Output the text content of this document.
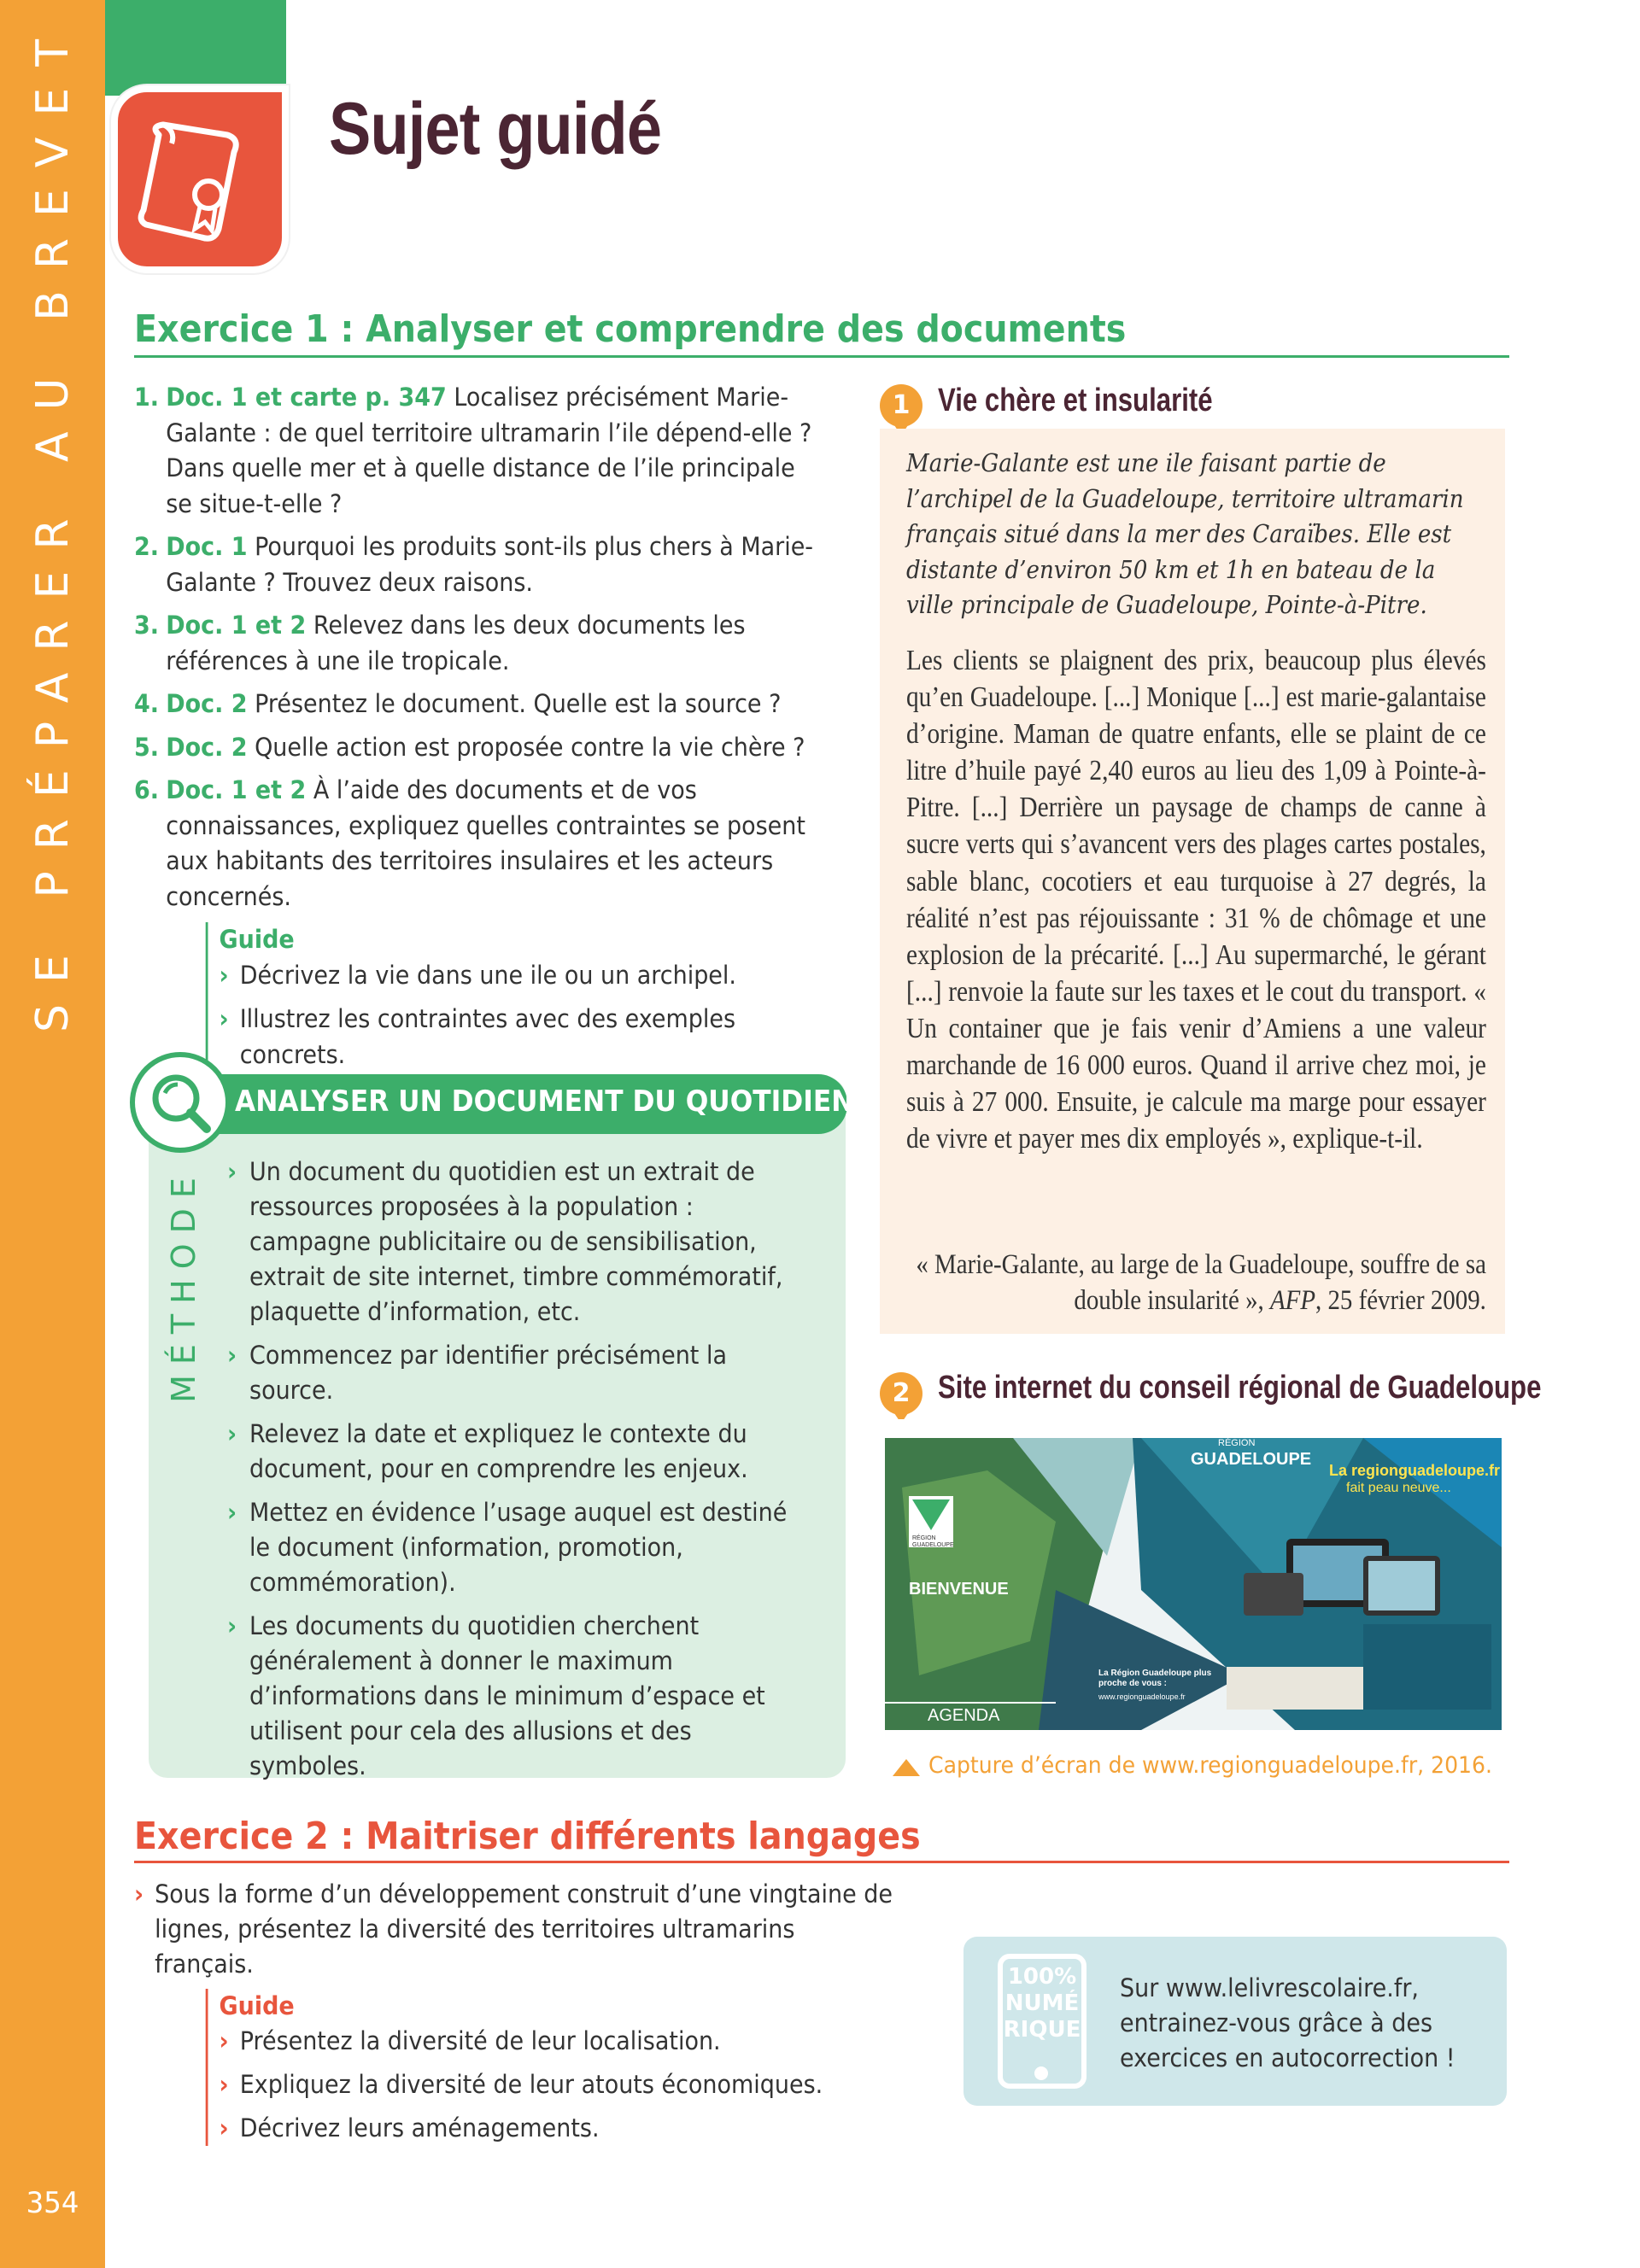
SE PRÉPARER AU BREVET
354
Sujet guidé
Exercice 1 : Analyser et comprendre des documents
1. Doc. 1 et carte p. 347 Localisez précisément Marie-Galante : de quel territoire ultramarin l’ile dépend-elle ? Dans quelle mer et à quelle distance de l’ile principale se situe-t-elle ?
2. Doc. 1 Pourquoi les produits sont-ils plus chers à Marie-Galante ? Trouvez deux raisons.
3. Doc. 1 et 2 Relevez dans les deux documents les références à une ile tropicale.
4. Doc. 2 Présentez le document. Quelle est la source ?
5. Doc. 2 Quelle action est proposée contre la vie chère ?
6. Doc. 1 et 2 À l’aide des documents et de vos connaissances, expliquez quelles contraintes se posent aux habitants des territoires insulaires et les acteurs concernés.
Guide
› Décrivez la vie dans une ile ou un archipel.
› Illustrez les contraintes avec des exemples concrets.
ANALYSER UN DOCUMENT DU QUOTIDIEN
MÉTHODE › Un document du quotidien est un extrait de ressources proposées à la population : campagne publicitaire ou de sensibilisation, extrait de site internet, timbre commémoratif, plaquette d’information, etc.
› Commencez par identifier précisément la source.
› Relevez la date et expliquez le contexte du document, pour en comprendre les enjeux.
› Mettez en évidence l’usage auquel est destiné le document (information, promotion, commémoration).
› Les documents du quotidien cherchent généralement à donner le maximum d’informations dans le minimum d’espace et utilisent pour cela des allusions et des symboles.
1 Vie chère et insularité
Marie-Galante est une ile faisant partie de l’archipel de la Guadeloupe, territoire ultramarin français situé dans la mer des Caraïbes. Elle est distante d’environ 50 km et 1h en bateau de la ville principale de Guadeloupe, Pointe-à-Pitre.
Les clients se plaignent des prix, beaucoup plus élevés qu’en Guadeloupe. [...] Monique [...] est marie-galantaise d’origine. Maman de quatre enfants, elle se plaint de ce litre d’huile payé 2,40 euros au lieu des 1,09 à Pointe-à-Pitre. [...] Derrière un paysage de champs de canne à sucre verts qui s’avancent vers des plages cartes postales, sable blanc, cocotiers et eau turquoise à 27 degrés, la réalité n’est pas réjouissante : 31 % de chômage et une explosion de la précarité. [...] Au supermarché, le gérant [...] renvoie la faute sur les taxes et le cout du transport. « Un container que je fais venir d’Amiens a une valeur marchande de 16 000 euros. Quand il arrive chez moi, je suis à 27 000. Ensuite, je calcule ma marge pour essayer de vivre et payer mes dix employés », explique-t-il.
« Marie-Galante, au large de la Guadeloupe, souffre de sa double insularité », AFP, 25 février 2009.
2 Site internet du conseil régional de Guadeloupe
RÉGION
GUADELOUPE
La regionguadeloupe.fr
fait peau neuve...
RÉGION GUADELOUPE
BIENVENUE
AGENDA
La Région Guadeloupe plus proche de vous :
www.regionguadeloupe.fr
Capture d’écran de www.regionguadeloupe.fr, 2016.
Exercice 2 : Maitriser différents langages
› Sous la forme d’un développement construit d’une vingtaine de lignes, présentez la diversité des territoires ultramarins français.
Guide
› Présentez la diversité de leur localisation.
› Expliquez la diversité de leur atouts économiques.
› Décrivez leurs aménagements.
100%
NUMÉ
RIQUE
Sur www.lelivrescolaire.fr, entrainez-vous grâce à des exercices en autocorrection !
